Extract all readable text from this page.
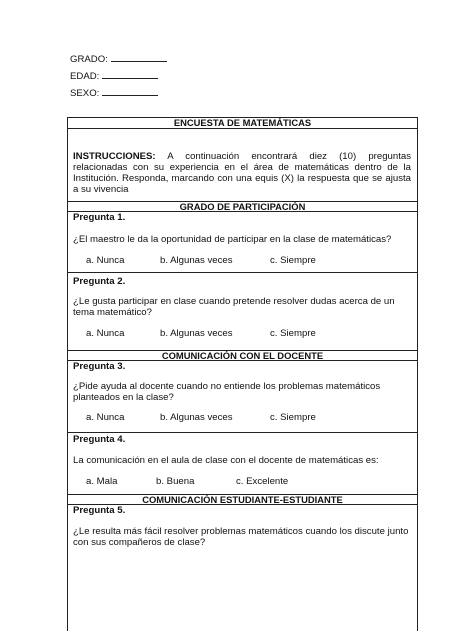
GRADO:
EDAD:
SEXO:
ENCUESTA DE MATEMÁTICAS
INSTRUCCIONES: A continuación encontrará diez (10) preguntas relacionadas con su experiencia en el área de matemáticas dentro de la Institución. Responda, marcando con una equis (X) la respuesta que se ajusta a su vivencia
GRADO DE PARTICIPACIÓN
Pregunta 1.
¿El maestro le da la oportunidad de participar en la clase de matemáticas?
a. Nunca	b. Algunas veces	c. Siempre
Pregunta 2.
¿Le gusta participar en clase cuando pretende resolver dudas acerca de un tema matemático?
a. Nunca	b. Algunas veces	c. Siempre
COMUNICACIÓN CON EL DOCENTE
Pregunta 3.
¿Pide ayuda al docente cuando no entiende los problemas matemáticos planteados en la clase?
a. Nunca	b. Algunas veces	c. Siempre
Pregunta 4.
La comunicación en el aula de clase con el docente de matemáticas es:
a. Mala	b. Buena	c. Excelente
COMUNICACIÓN ESTUDIANTE-ESTUDIANTE
Pregunta 5.
¿Le resulta más fácil resolver problemas matemáticos cuando los discute junto con sus compañeros de clase?
